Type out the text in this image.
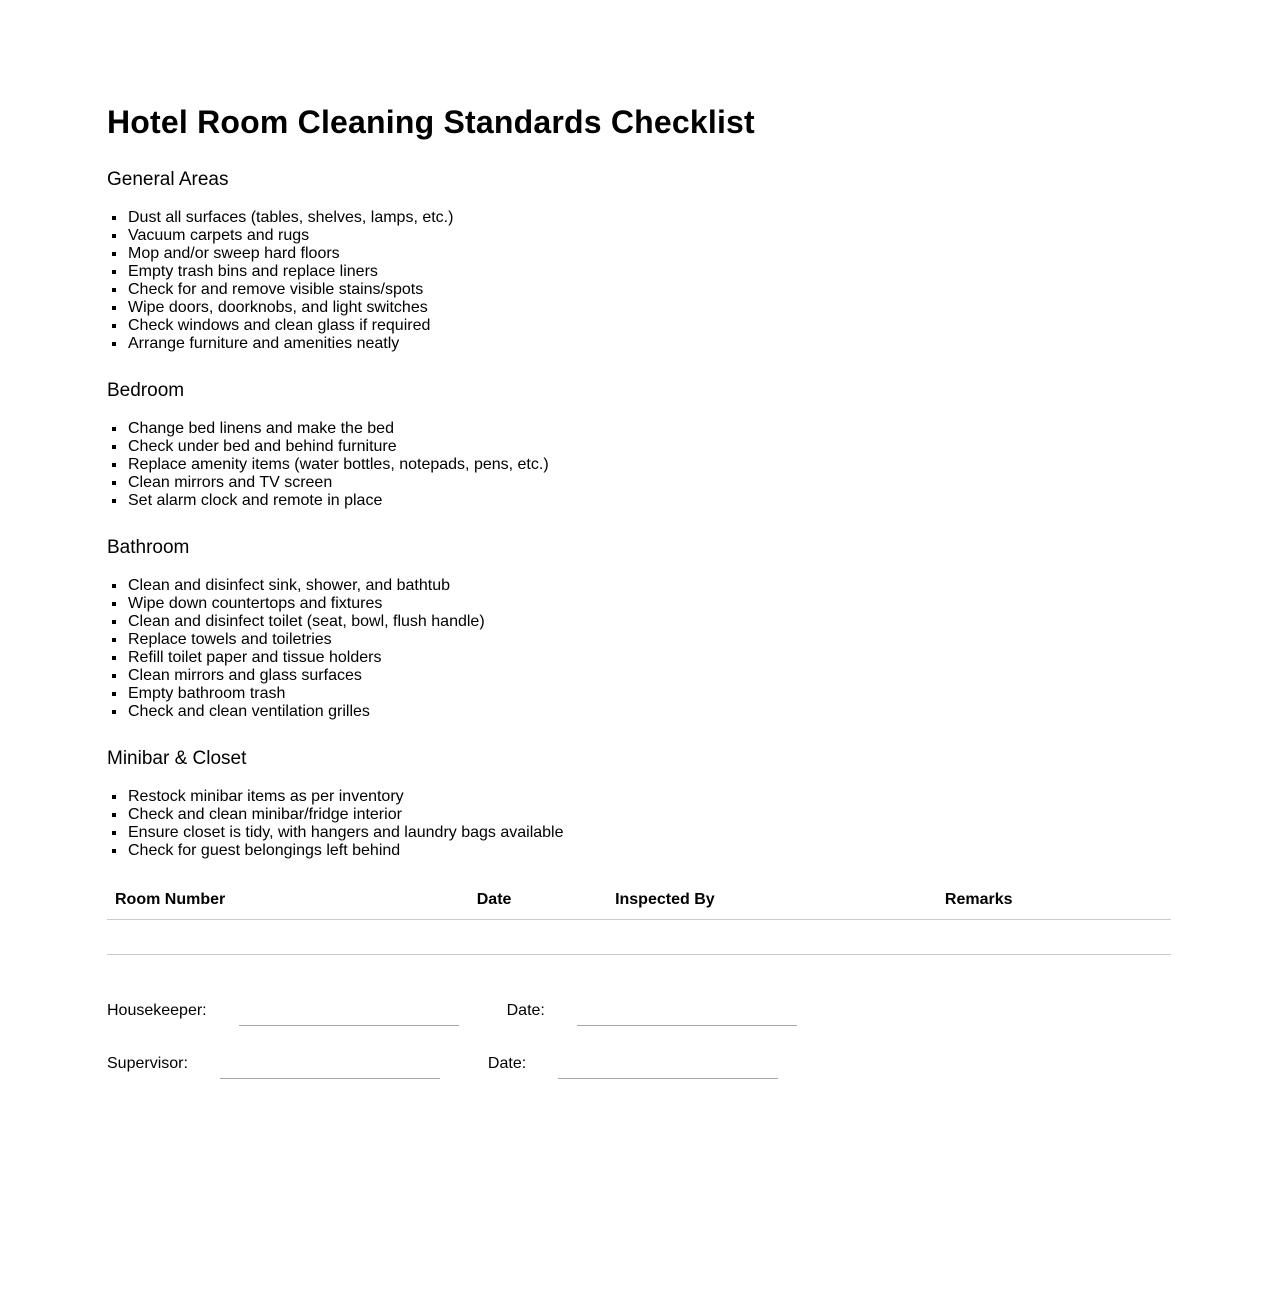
Hotel Room Cleaning Standards Checklist
General Areas
▪ Dust all surfaces (tables, shelves, lamps, etc.)
▪ Vacuum carpets and rugs
▪ Mop and/or sweep hard floors
▪ Empty trash bins and replace liners
▪ Check for and remove visible stains/spots
▪ Wipe doors, doorknobs, and light switches
▪ Check windows and clean glass if required
▪ Arrange furniture and amenities neatly
Bedroom
▪ Change bed linens and make the bed
▪ Check under bed and behind furniture
▪ Replace amenity items (water bottles, notepads, pens, etc.)
▪ Clean mirrors and TV screen
▪ Set alarm clock and remote in place
Bathroom
▪ Clean and disinfect sink, shower, and bathtub
▪ Wipe down countertops and fixtures
▪ Clean and disinfect toilet (seat, bowl, flush handle)
▪ Replace towels and toiletries
▪ Refill toilet paper and tissue holders
▪ Clean mirrors and glass surfaces
▪ Empty bathroom trash
▪ Check and clean ventilation grilles
Minibar & Closet
▪ Restock minibar items as per inventory
▪ Check and clean minibar/fridge interior
▪ Ensure closet is tidy, with hangers and laundry bags available
▪ Check for guest belongings left behind
Room Number	Date	Inspected By	Remarks

Housekeeper:	Date:
Supervisor:	Date:
